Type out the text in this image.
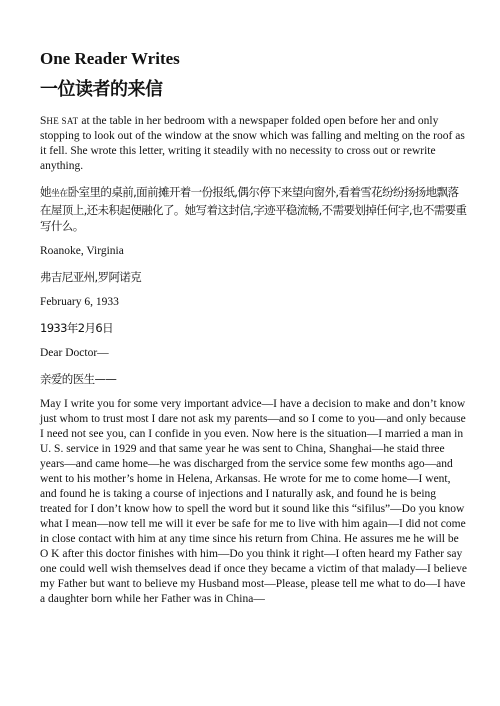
One Reader Writes
一位读者的来信

SHE SAT at the table in her bedroom with a newspaper folded open before her and only stopping to look out of the window at the snow which was falling and melting on the roof as it fell. She wrote this letter, writing it steadily with no necessity to cross out or rewrite anything.

她坐在卧室里的桌前,面前摊开着一份报纸,偶尔停下来望向窗外,看着雪花纷纷扬扬地飘落在屋顶上,还未积起便融化了。她写着这封信,字迹平稳流畅,不需要划掉任何字,也不需要重写什么。

Roanoke, Virginia

弗吉尼亚州,罗阿诺克

February 6, 1933

1933年2月6日

Dear Doctor—

亲爱的医生——

May I write you for some very important advice—I have a decision to make and don’t know just whom to trust most I dare not ask my parents—and so I come to you—and only because I need not see you, can I confide in you even. Now here is the situation—I married a man in U. S. service in 1929 and that same year he was sent to China, Shanghai—he staid three years—and came home—he was discharged from the service some few months ago—and went to his mother’s home in Helena, Arkansas. He wrote for me to come home—I went, and found he is taking a course of injections and I naturally ask, and found he is being treated for I don’t know how to spell the word but it sound like this “sifilus”—Do you know what I mean—now tell me will it ever be safe for me to live with him again—I did not come in close contact with him at any time since his return from China. He assures me he will be O K after this doctor finishes with him—Do you think it right—I often heard my Father say one could well wish themselves dead if once they became a victim of that malady—I believe my Father but want to believe my Husband most—Please, please tell me what to do—I have a daughter born while her Father was in China—
